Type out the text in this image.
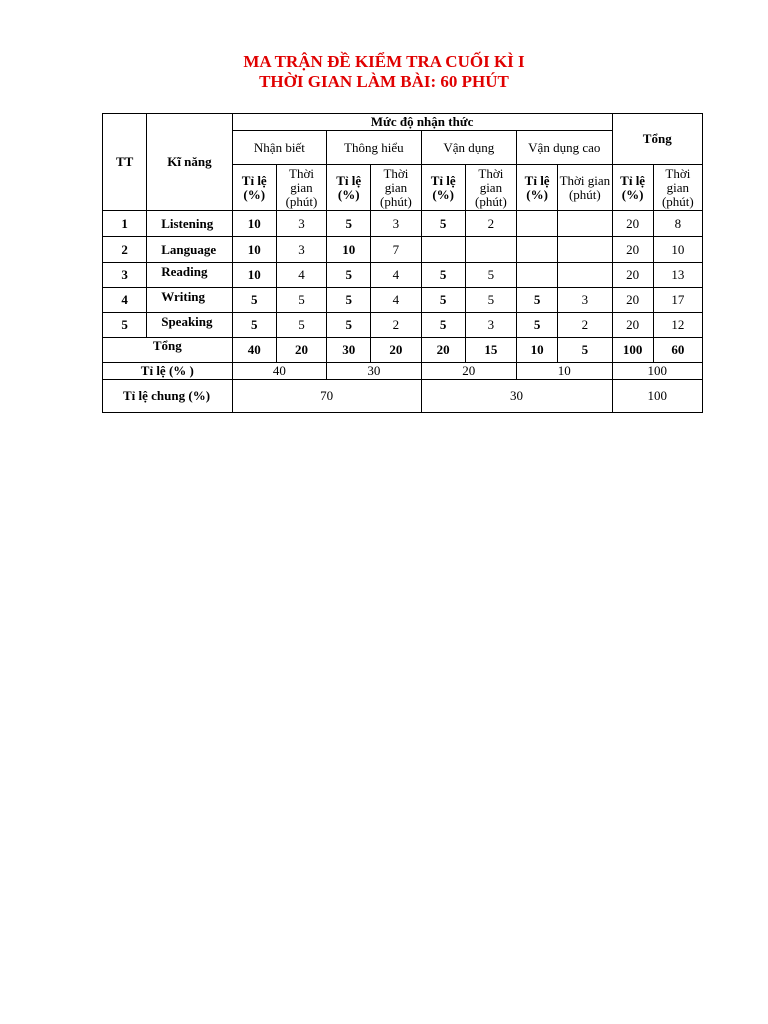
MA TRẬN ĐỀ KIỂM TRA CUỐI KÌ I
THỜI GIAN LÀM BÀI: 60 PHÚT
TT	Kĩ năng	Mức độ nhận thức								Tổng	
		Nhận biết		Thông hiểu		Vận dụng		Vận dụng cao			
		Tỉ lệ (%)	Thời gian (phút)	Tỉ lệ (%)	Thời gian (phút)	Tỉ lệ (%)	Thời gian (phút)	Tỉ lệ (%)	Thời gian (phút)	Tỉ lệ (%)	Thời gian (phút)
1	Listening	10	3	5	3	5	2			20	8
2	Language	10	3	10	7					20	10
3	Reading	10	4	5	4	5	5			20	13
4	Writing	5	5	5	4	5	5	5	3	20	17
5	Speaking	5	5	5	2	5	3	5	2	20	12
Tổng		40	20	30	20	20	15	10	5	100	60
Tỉ lệ (% )		40		30		20		10		100	
Tỉ lệ chung (%)		70				30				100	
